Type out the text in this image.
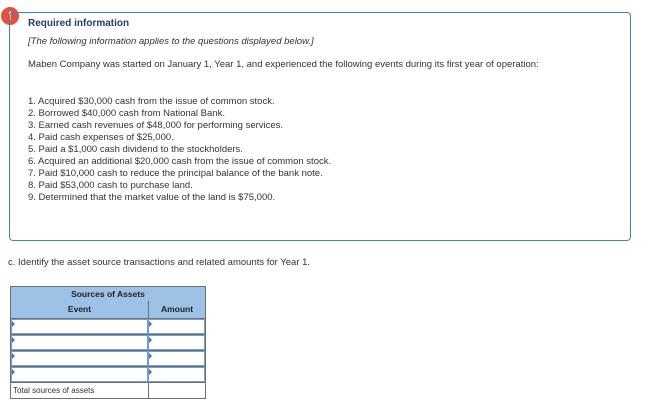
!
Required information
[The following information applies to the questions displayed below.]
Maben Company was started on January 1, Year 1, and experienced the following events during its first year of operation:
1. Acquired $30,000 cash from the issue of common stock.
2. Borrowed $40,000 cash from National Bank.
3. Earned cash revenues of $48,000 for performing services.
4. Paid cash expenses of $25,000.
5. Paid a $1,000 cash dividend to the stockholders.
6. Acquired an additional $20,000 cash from the issue of common stock.
7. Paid $10,000 cash to reduce the principal balance of the bank note.
8. Paid $53,000 cash to purchase land.
9. Determined that the market value of the land is $75,000.
c. Identify the asset source transactions and related amounts for Year 1.
Sources of Assets
Event	Amount
Total sources of assets
